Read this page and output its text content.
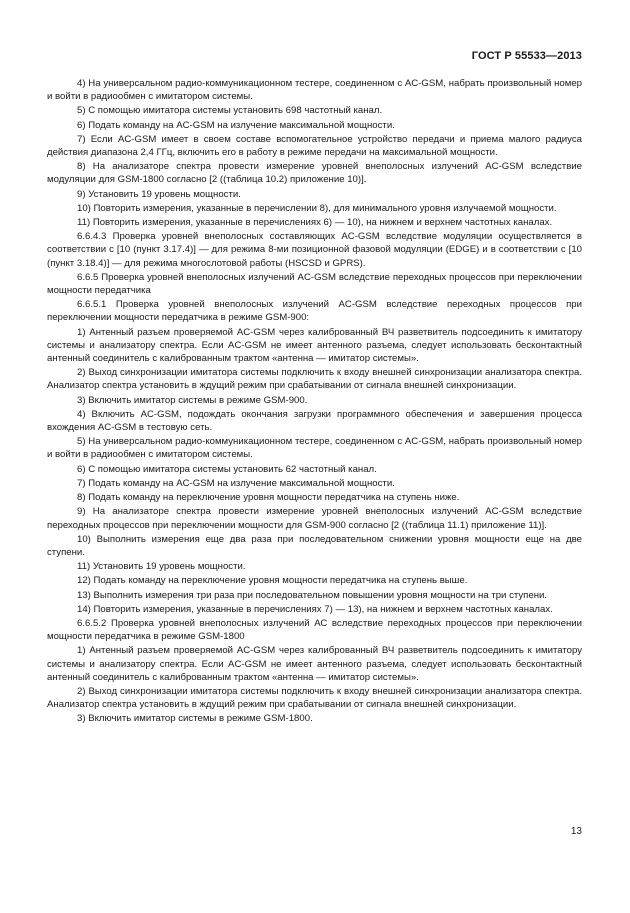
ГОСТ Р 55533—2013

4) На универсальном радио-коммуникационном тестере, соединенном с AC-GSM, набрать произвольный номер и войти в радиообмен с имитатором системы.

5) С помощью имитатора системы установить 698 частотный канал.

6) Подать команду на AC-GSM на излучение максимальной мощности.

7) Если AC-GSM имеет в своем составе вспомогательное устройство передачи и приема малого радиуса действия диапазона 2,4 ГГц, включить его в работу в режиме передачи на максимальной мощности.

8) На анализаторе спектра провести измерение уровней внеполосных излучений AC-GSM вследствие модуляции для GSM-1800 согласно [2 ((таблица 10.2) приложение 10)].

9) Установить 19 уровень мощности.

10) Повторить измерения, указанные в перечислении 8), для минимального уровня излучаемой мощности.

11) Повторить измерения, указанные в перечислениях 6) — 10), на нижнем и верхнем частотных каналах.

6.6.4.3 Проверка уровней внеполосных составляющих AC-GSM вследствие модуляции осуществляется в соответствии с [10 (пункт 3.17.4)] — для режима 8-ми позиционной фазовой модуляции (EDGE) и в соответствии с [10 (пункт 3.18.4)] — для режима многослотовой работы (HSCSD и GPRS).

6.6.5 Проверка уровней внеполосных излучений AC-GSM вследствие переходных процессов при переключении мощности передатчика

6.6.5.1 Проверка уровней внеполосных излучений AC-GSM вследствие переходных процессов при переключении мощности передатчика в режиме GSM-900:

1) Антенный разъем проверяемой AC-GSM через калиброванный ВЧ разветвитель подсоединить к имитатору системы и анализатору спектра. Если AC-GSM не имеет антенного разъема, следует использовать бесконтактный антенный соединитель с калиброванным трактом «антенна — имитатор системы».

2) Выход синхронизации имитатора системы подключить к входу внешней синхронизации анализатора спектра. Анализатор спектра установить в ждущий режим при срабатывании от сигнала внешней синхронизации.

3) Включить имитатор системы в режиме GSM-900.

4) Включить AC-GSM, подождать окончания загрузки программного обеспечения и завершения процесса вхождения AC-GSM в тестовую сеть.

5) На универсальном радио-коммуникационном тестере, соединенном с AC-GSM, набрать произвольный номер и войти в радиообмен с имитатором системы.

6) С помощью имитатора системы установить 62 частотный канал.

7) Подать команду на AC-GSM на излучение максимальной мощности.

8) Подать команду на переключение уровня мощности передатчика на ступень ниже.

9) На анализаторе спектра провести измерение уровней внеполосных излучений AC-GSM вследствие переходных процессов при переключении мощности для GSM-900 согласно [2 ((таблица 11.1) приложение 11)].

10) Выполнить измерения еще два раза при последовательном снижении уровня мощности еще на две ступени.

11) Установить 19 уровень мощности.

12) Подать команду на переключение уровня мощности передатчика на ступень выше.

13) Выполнить измерения три раза при последовательном повышении уровня мощности на три ступени.

14) Повторить измерения, указанные в перечислениях 7) — 13), на нижнем и верхнем частотных каналах.

6.6.5.2 Проверка уровней внеполосных излучений АС вследствие переходных процессов при переключении мощности передатчика в режиме GSM-1800

1) Антенный разъем проверяемой AC-GSM через калиброванный ВЧ разветвитель подсоединить к имитатору системы и анализатору спектра. Если AC-GSM не имеет антенного разъема, следует использовать бесконтактный антенный соединитель с калиброванным трактом «антенна — имитатор системы».

2) Выход синхронизации имитатора системы подключить к входу внешней синхронизации анализатора спектра. Анализатор спектра установить в ждущий режим при срабатывании от сигнала внешней синхронизации.

3) Включить имитатор системы в режиме GSM-1800.

13
